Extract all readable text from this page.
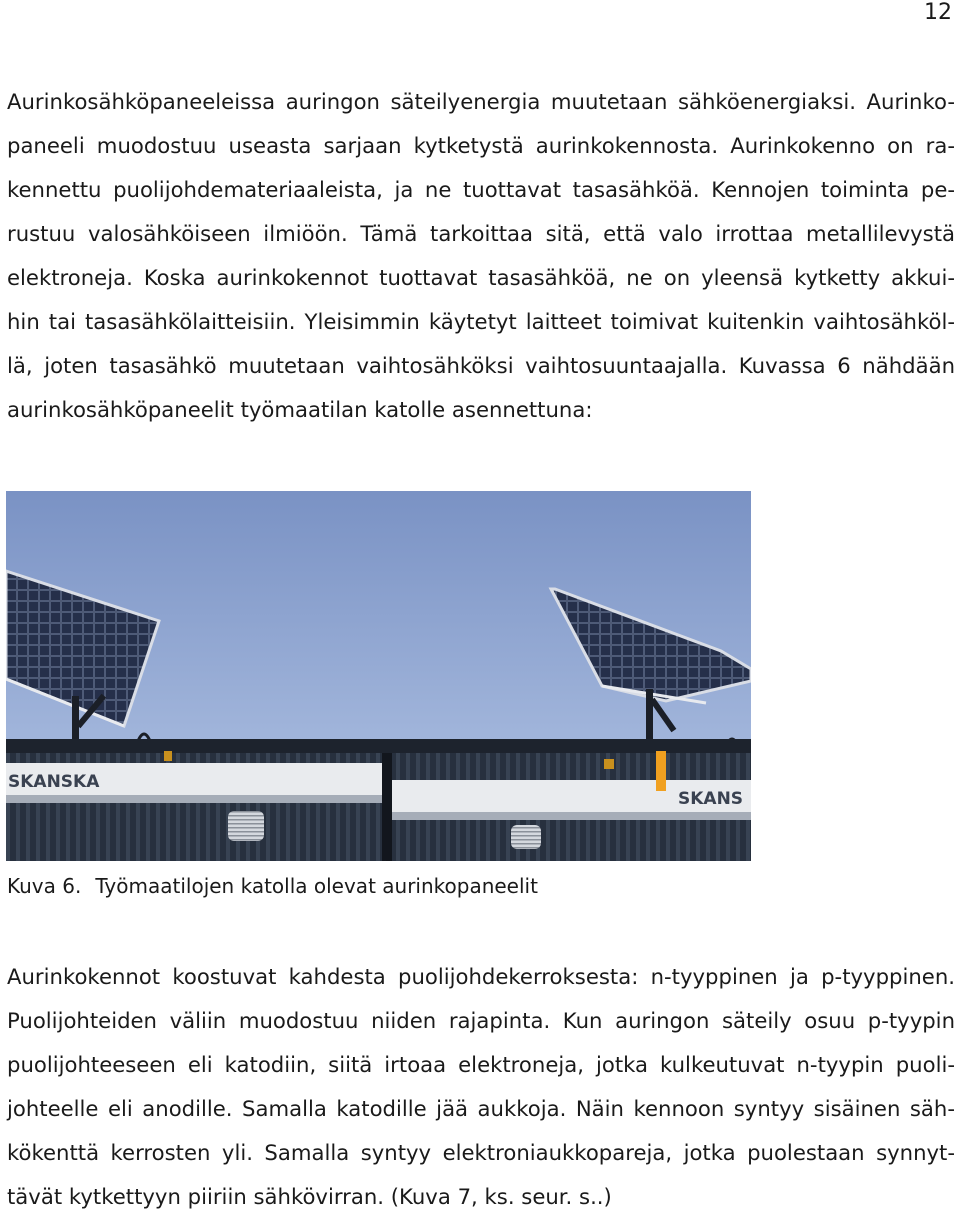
12

Aurinkosähköpaneeleissa auringon säteilyenergia muutetaan sähköenergiaksi. Aurinko-
paneeli muodostuu useasta sarjaan kytketystä aurinkokennosta. Aurinkokenno on ra-
kennettu puolijohdemateriaaleista, ja ne tuottavat tasasähköä. Kennojen toiminta pe-
rustuu valosähköiseen ilmiöön. Tämä tarkoittaa sitä, että valo irrottaa metallilevystä
elektroneja. Koska aurinkokennot tuottavat tasasähköä, ne on yleensä kytketty akkui-
hin tai tasasähkölaitteisiin. Yleisimmin käytetyt laitteet toimivat kuitenkin vaihtosähköl-
lä, joten tasasähkö muutetaan vaihtosähköksi vaihtosuuntaajalla. Kuvassa 6 nähdään
aurinkosähköpaneelit työmaatilan katolle asennettuna:

SKANSKA
SKANS
Kuva 6. Työmaatilojen katolla olevat aurinkopaneelit

Aurinkokennot koostuvat kahdesta puolijohdekerroksesta: n-tyyppinen ja p-tyyppinen.
Puolijohteiden väliin muodostuu niiden rajapinta. Kun auringon säteily osuu p-tyypin
puolijohteeseen eli katodiin, siitä irtoaa elektroneja, jotka kulkeutuvat n-tyypin puoli-
johteelle eli anodille. Samalla katodille jää aukkoja. Näin kennoon syntyy sisäinen säh-
kökenttä kerrosten yli. Samalla syntyy elektroniaukkopareja, jotka puolestaan synnyt-
tävät kytkettyyn piiriin sähkövirran. (Kuva 7, ks. seur. s..)
